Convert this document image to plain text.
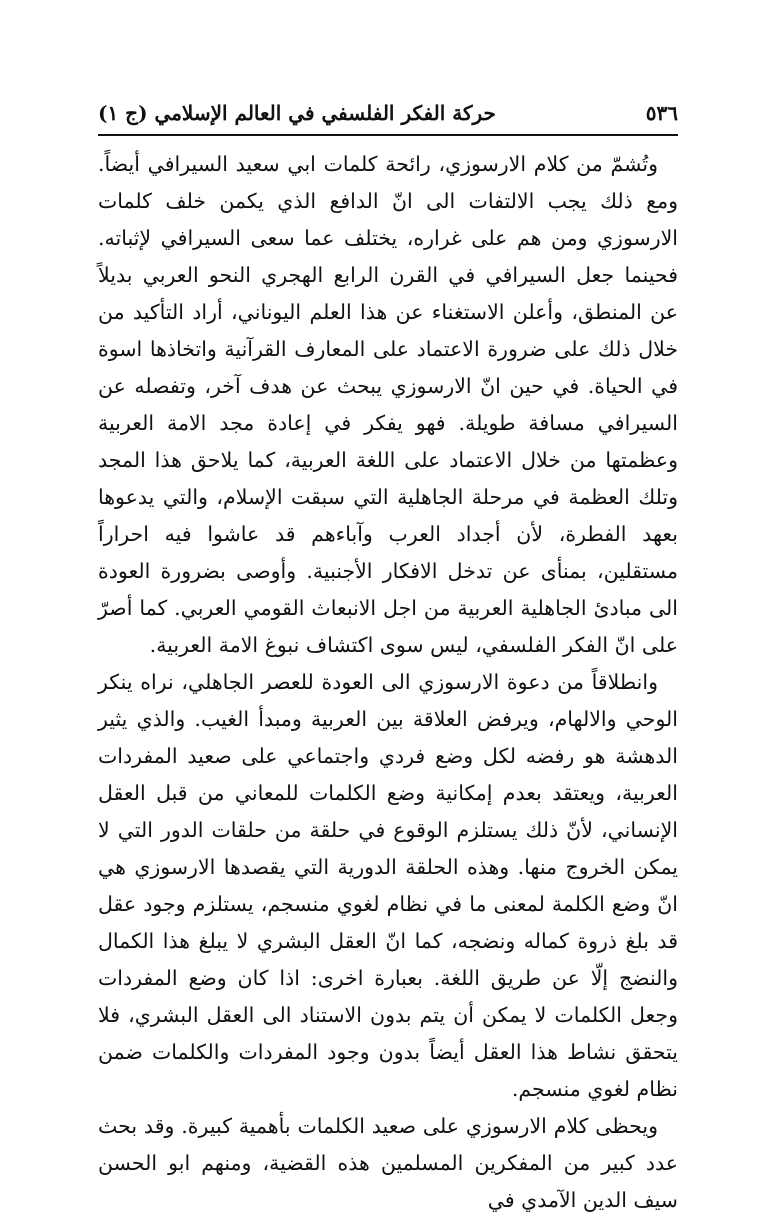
٥٣٦
حركة الفكر الفلسفي في العالم الإسلامي (ج ١)

وتُشمّ من كلام الارسوزي، رائحة كلمات ابي سعيد السيرافي أيضاً. ومع ذلك يجب الالتفات الى انّ الدافع الذي يكمن خلف كلمات الارسوزي ومن هم على غراره، يختلف عما سعى السيرافي لإثباته. فحينما جعل السيرافي في القرن الرابع الهجري النحو العربي بديلاً عن المنطق، وأعلن الاستغناء عن هذا العلم اليوناني، أراد التأكيد من خلال ذلك على ضرورة الاعتماد على المعارف القرآنية واتخاذها اسوة في الحياة. في حين انّ الارسوزي يبحث عن هدف آخر، وتفصله عن السيرافي مسافة طويلة. فهو يفكر في إعادة مجد الامة العربية وعظمتها من خلال الاعتماد على اللغة العربية، كما يلاحق هذا المجد وتلك العظمة في مرحلة الجاهلية التي سبقت الإسلام، والتي يدعوها بعهد الفطرة، لأن أجداد العرب وآباءهم قد عاشوا فيه احراراً مستقلين، بمنأى عن تدخل الافكار الأجنبية. وأوصى بضرورة العودة الى مبادئ الجاهلية العربية من اجل الانبعاث القومي العربي. كما أصرّ على انّ الفكر الفلسفي، ليس سوى اكتشاف نبوغ الامة العربية.

وانطلاقاً من دعوة الارسوزي الى العودة للعصر الجاهلي، نراه ينكر الوحي والالهام، ويرفض العلاقة بين العربية ومبدأ الغيب. والذي يثير الدهشة هو رفضه لكل وضع فردي واجتماعي على صعيد المفردات العربية، ويعتقد بعدم إمكانية وضع الكلمات للمعاني من قبل العقل الإنساني، لأنّ ذلك يستلزم الوقوع في حلقة من حلقات الدور التي لا يمكن الخروج منها. وهذه الحلقة الدورية التي يقصدها الارسوزي هي انّ وضع الكلمة لمعنى ما في نظام لغوي منسجم، يستلزم وجود عقل قد بلغ ذروة كماله ونضجه، كما انّ العقل البشري لا يبلغ هذا الكمال والنضج إلّا عن طريق اللغة. بعبارة اخرى: اذا كان وضع المفردات وجعل الكلمات لا يمكن أن يتم بدون الاستناد الى العقل البشري، فلا يتحقق نشاط هذا العقل أيضاً بدون وجود المفردات والكلمات ضمن نظام لغوي منسجم.

ويحظى كلام الارسوزي على صعيد الكلمات بأهمية كبيرة. وقد بحث عدد كبير من المفكرين المسلمين هذه القضية، ومنهم ابو الحسن سيف الدين الآمدي في
